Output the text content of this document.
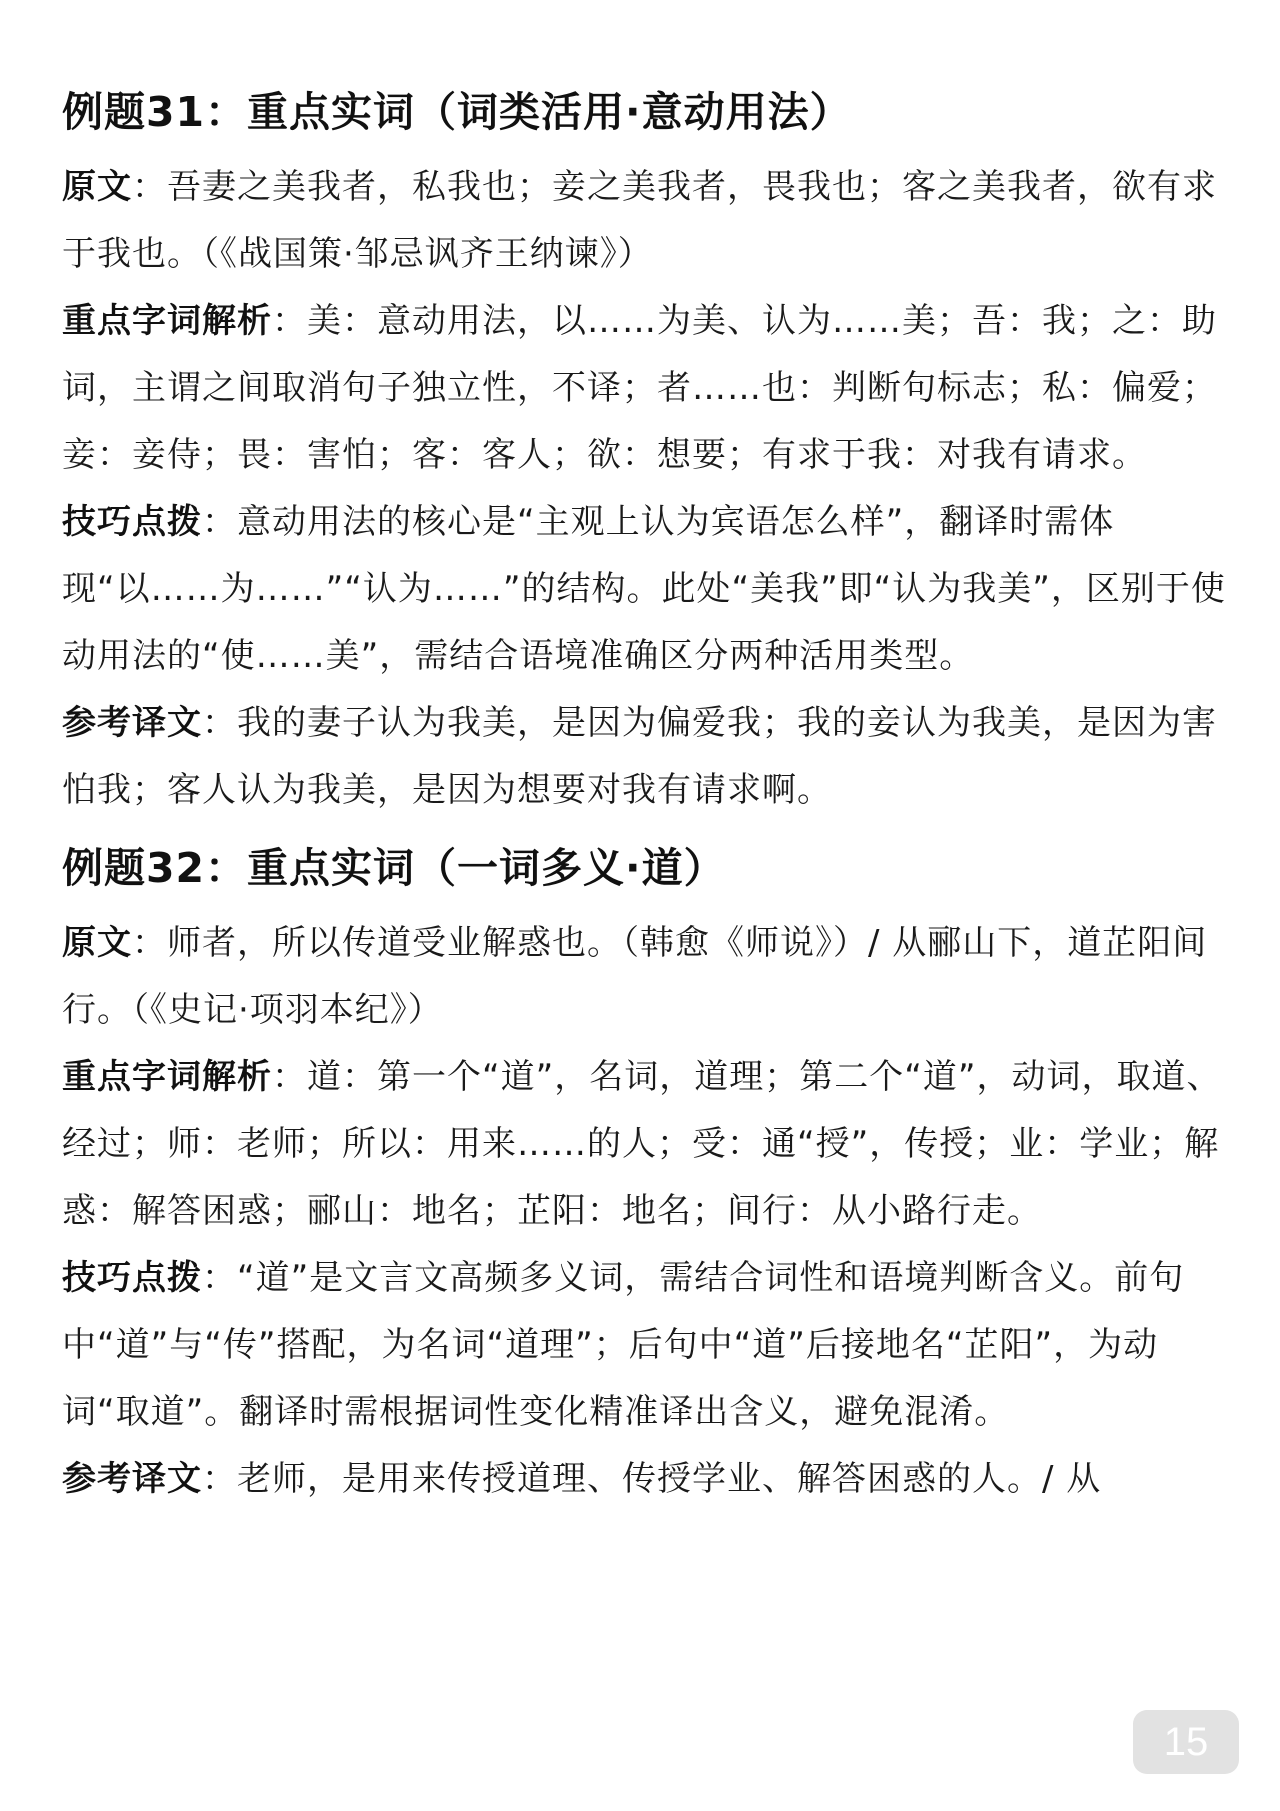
例题31：重点实词（词类活用·意动用法）

原文：吾妻之美我者，私我也；妾之美我者，畏我也；客之美我者，欲有求于我也。（《战国策·邹忌讽齐王纳谏》）

重点字词解析：美：意动用法，以……为美、认为……美；吾：我；之：助词，主谓之间取消句子独立性，不译；者……也：判断句标志；私：偏爱；妾：妾侍；畏：害怕；客：客人；欲：想要；有求于我：对我有请求。

技巧点拨：意动用法的核心是“主观上认为宾语怎么样”，翻译时需体现“以……为……”“认为……”的结构。此处“美我”即“认为我美”，区别于使动用法的“使……美”，需结合语境准确区分两种活用类型。

参考译文：我的妻子认为我美，是因为偏爱我；我的妾认为我美，是因为害怕我；客人认为我美，是因为想要对我有请求啊。

例题32：重点实词（一词多义·道）

原文：师者，所以传道受业解惑也。（韩愈《师说》）/ 从郦山下，道芷阳间行。（《史记·项羽本纪》）

重点字词解析：道：第一个“道”，名词，道理；第二个“道”，动词，取道、经过；师：老师；所以：用来……的人；受：通“授”，传授；业：学业；解惑：解答困惑；郦山：地名；芷阳：地名；间行：从小路行走。

技巧点拨：“道”是文言文高频多义词，需结合词性和语境判断含义。前句中“道”与“传”搭配，为名词“道理”；后句中“道”后接地名“芷阳”，为动词“取道”。翻译时需根据词性变化精准译出含义，避免混淆。

参考译文：老师，是用来传授道理、传授学业、解答困惑的人。/ 从

15
